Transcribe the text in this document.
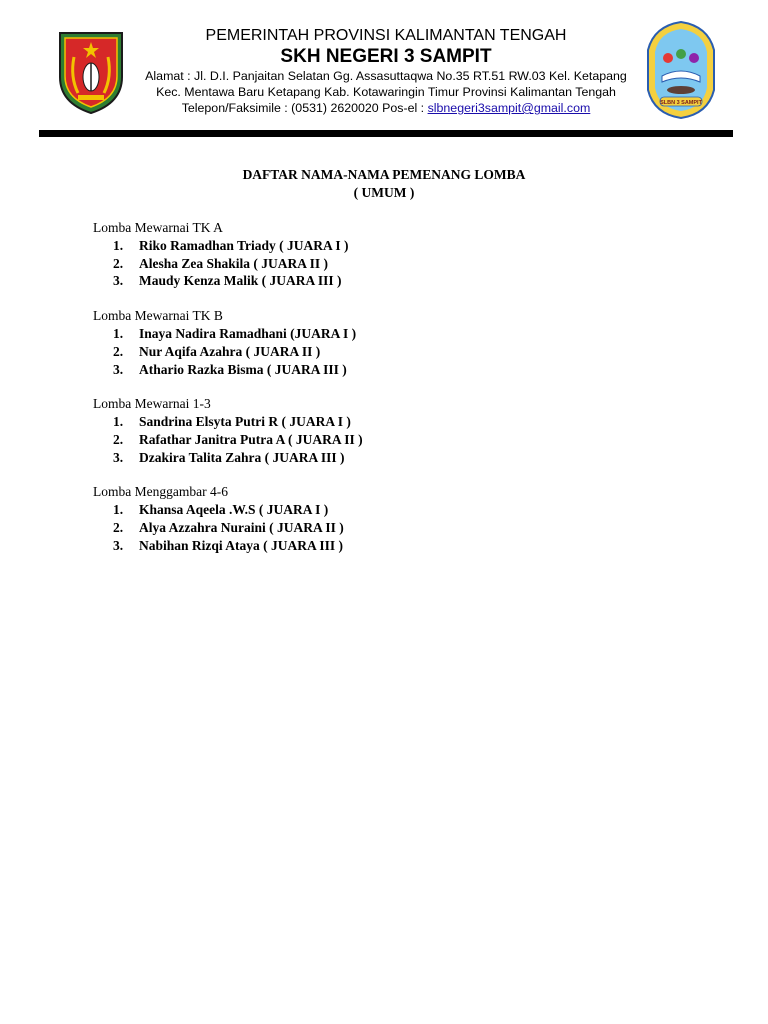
PEMERINTAH PROVINSI KALIMANTAN TENGAH
SKH NEGERI 3 SAMPIT
Alamat : Jl. D.I. Panjaitan Selatan Gg. Assasuttaqwa No.35 RT.51 RW.03 Kel. Ketapang
Kec. Mentawa Baru Ketapang Kab. Kotawaringin Timur Provinsi Kalimantan Tengah
Telepon/Faksimile : (0531) 2620020 Pos-el : slbnegeri3sampit@gmail.com	SLBN 3 SAMPIT
DAFTAR NAMA-NAMA PEMENANG LOMBA
( UMUM )
Lomba Mewarnai TK A
1.	Riko Ramadhan Triady ( JUARA I )
2.	Alesha Zea Shakila ( JUARA II )
3.	Maudy Kenza Malik ( JUARA III )
Lomba Mewarnai TK B
1.	Inaya Nadira Ramadhani (JUARA I )
2.	Nur Aqifa Azahra ( JUARA II )
3.	Athario Razka Bisma ( JUARA III )
Lomba Mewarnai 1-3
1.	Sandrina Elsyta Putri R ( JUARA I )
2.	Rafathar Janitra Putra A ( JUARA II )
3.	Dzakira Talita Zahra ( JUARA III )
Lomba Menggambar 4-6
1.	Khansa Aqeela .W.S ( JUARA I )
2.	Alya Azzahra Nuraini ( JUARA II )
3.	Nabihan Rizqi Ataya ( JUARA III )
